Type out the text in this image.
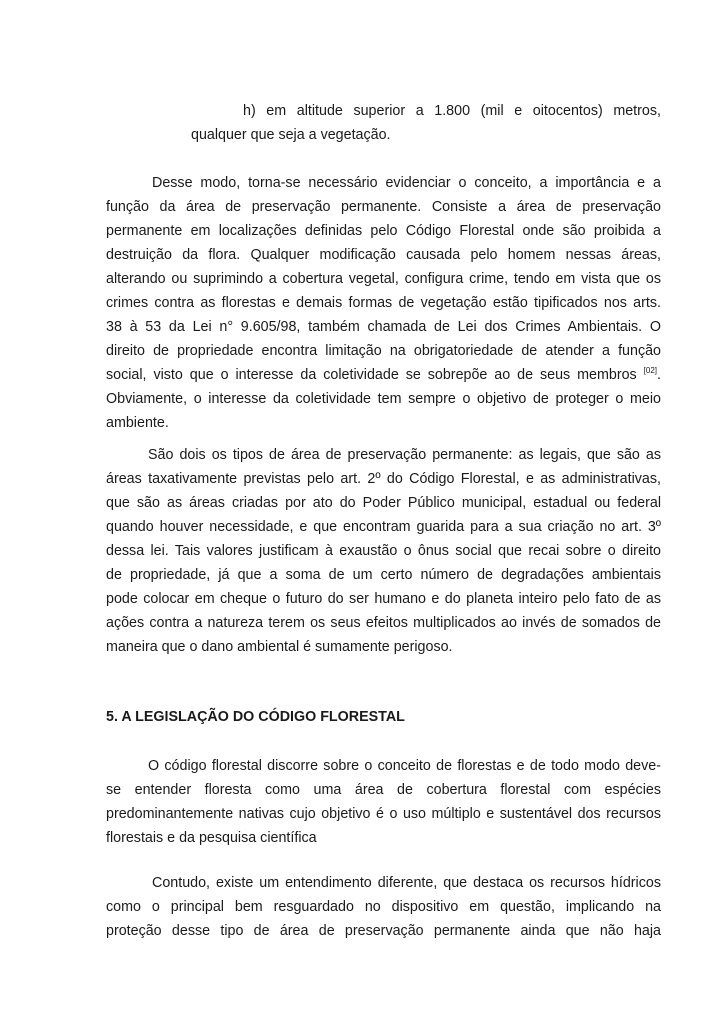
h) em altitude superior a 1.800 (mil e oitocentos) metros,
qualquer que seja a vegetação.
Desse modo, torna-se necessário evidenciar o conceito, a importância e a
função da área de preservação permanente. Consiste a área de preservação
permanente em localizações definidas pelo Código Florestal onde são proibida a
destruição da flora. Qualquer modificação causada pelo homem nessas áreas,
alterando ou suprimindo a cobertura vegetal, configura crime, tendo em vista que os
crimes contra as florestas e demais formas de vegetação estão tipificados nos arts.
38 à 53 da Lei n° 9.605/98, também chamada de Lei dos Crimes Ambientais. O
direito de propriedade encontra limitação na obrigatoriedade de atender a função
social, visto que o interesse da coletividade se sobrepõe ao de seus membros [02].
Obviamente, o interesse da coletividade tem sempre o objetivo de proteger o meio
ambiente.
São dois os tipos de área de preservação permanente: as legais, que são as
áreas taxativamente previstas pelo art. 2º do Código Florestal, e as administrativas,
que são as áreas criadas por ato do Poder Público municipal, estadual ou federal
quando houver necessidade, e que encontram guarida para a sua criação no art. 3º
dessa lei. Tais valores justificam à exaustão o ônus social que recai sobre o direito
de propriedade, já que a soma de um certo número de degradações ambientais
pode colocar em cheque o futuro do ser humano e do planeta inteiro pelo fato de as
ações contra a natureza terem os seus efeitos multiplicados ao invés de somados de
maneira que o dano ambiental é sumamente perigoso.
5. A LEGISLAÇÃO DO CÓDIGO FLORESTAL
O código florestal discorre sobre o conceito de florestas e de todo modo deve-
se entender floresta como uma área de cobertura florestal com espécies
predominantemente nativas cujo objetivo é o uso múltiplo e sustentável dos recursos
florestais e da pesquisa científica
Contudo, existe um entendimento diferente, que destaca os recursos hídricos
como o principal bem resguardado no dispositivo em questão, implicando na
proteção desse tipo de área de preservação permanente ainda que não haja
